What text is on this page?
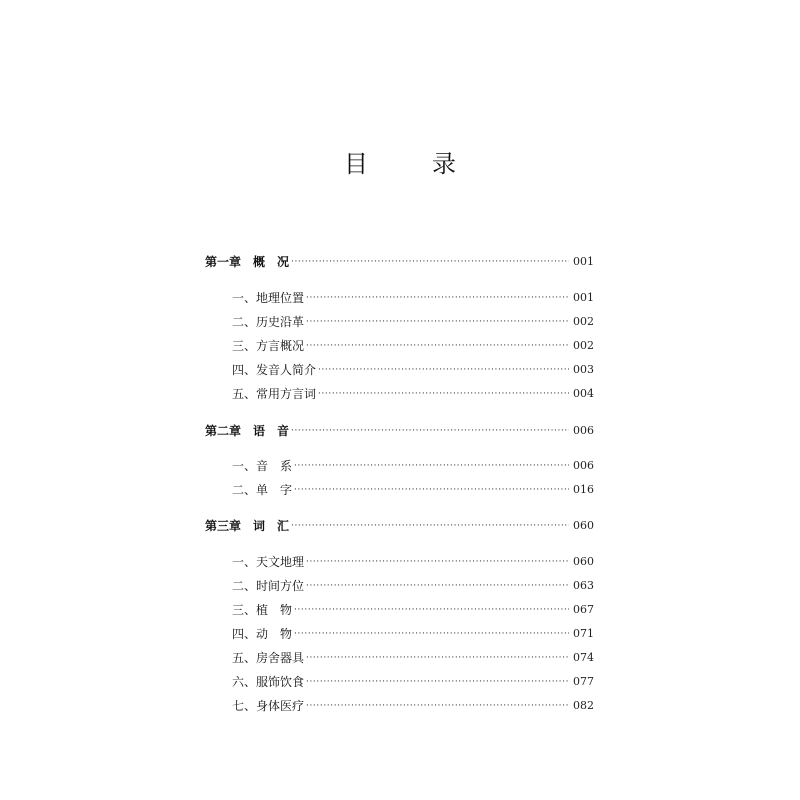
目　录
第一章　概　况 ·····	001
一、地理位置 ·····	001
二、历史沿革 ·····	002
三、方言概况 ·····	002
四、发音人简介 ·····	003
五、常用方言词 ·····	004
第二章　语　音 ·····	006
一、音　系 ·····	006
二、单　字 ·····	016
第三章　词　汇 ·····	060
一、天文地理 ·····	060
二、时间方位 ·····	063
三、植　物 ·····	067
四、动　物 ·····	071
五、房舍器具 ·····	074
六、服饰饮食 ·····	077
七、身体医疗 ·····	082
